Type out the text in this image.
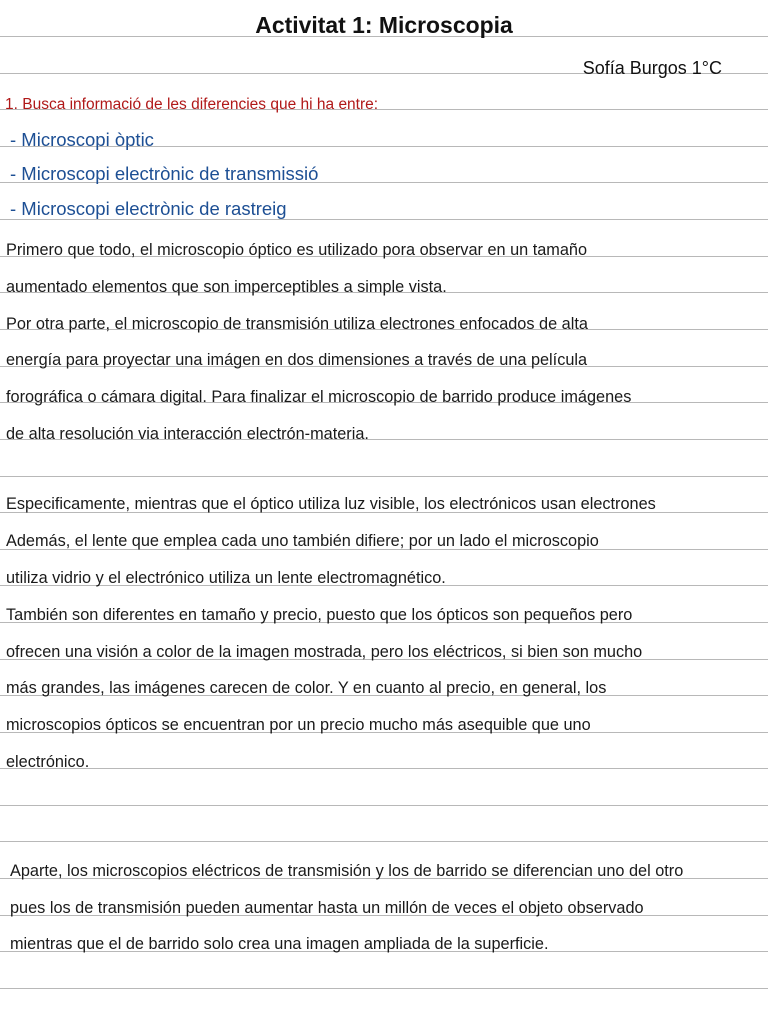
Activitat 1: Microscopia
Sofía Burgos 1°C
1. Busca informació de les diferencies que hi ha entre:
- Microscopi òptic
- Microscopi electrònic de transmissió
- Microscopi electrònic de rastreig
Primero que todo, el microscopio óptico es utilizado pora observar en un tamaño
aumentado elementos que son imperceptibles a simple vista.
Por otra parte, el microscopio de transmisión utiliza electrones enfocados de alta
energía para proyectar una imágen en dos dimensiones a través de una película
forográfica o cámara digital. Para finalizar el microscopio de barrido produce imágenes
de alta resolución via interacción electrón-materia.
Especificamente, mientras que el óptico utiliza luz visible, los electrónicos usan electrones
Además, el lente que emplea cada uno también difiere; por un lado el microscopio
utiliza vidrio y el electrónico utiliza un lente electromagnético.
También son diferentes en tamaño y precio, puesto que los ópticos son pequeños pero
ofrecen una visión a color de la imagen mostrada, pero los eléctricos, si bien son mucho
más grandes, las imágenes carecen de color. Y en cuanto al precio, en general, los
microscopios ópticos se encuentran por un precio mucho más asequible que uno
electrónico.
Aparte, los microscopios eléctricos de transmisión y los de barrido se diferencian uno del otro
pues los de transmisión pueden aumentar hasta un millón de veces el objeto observado
mientras que el de barrido solo crea una imagen ampliada de la superficie.
